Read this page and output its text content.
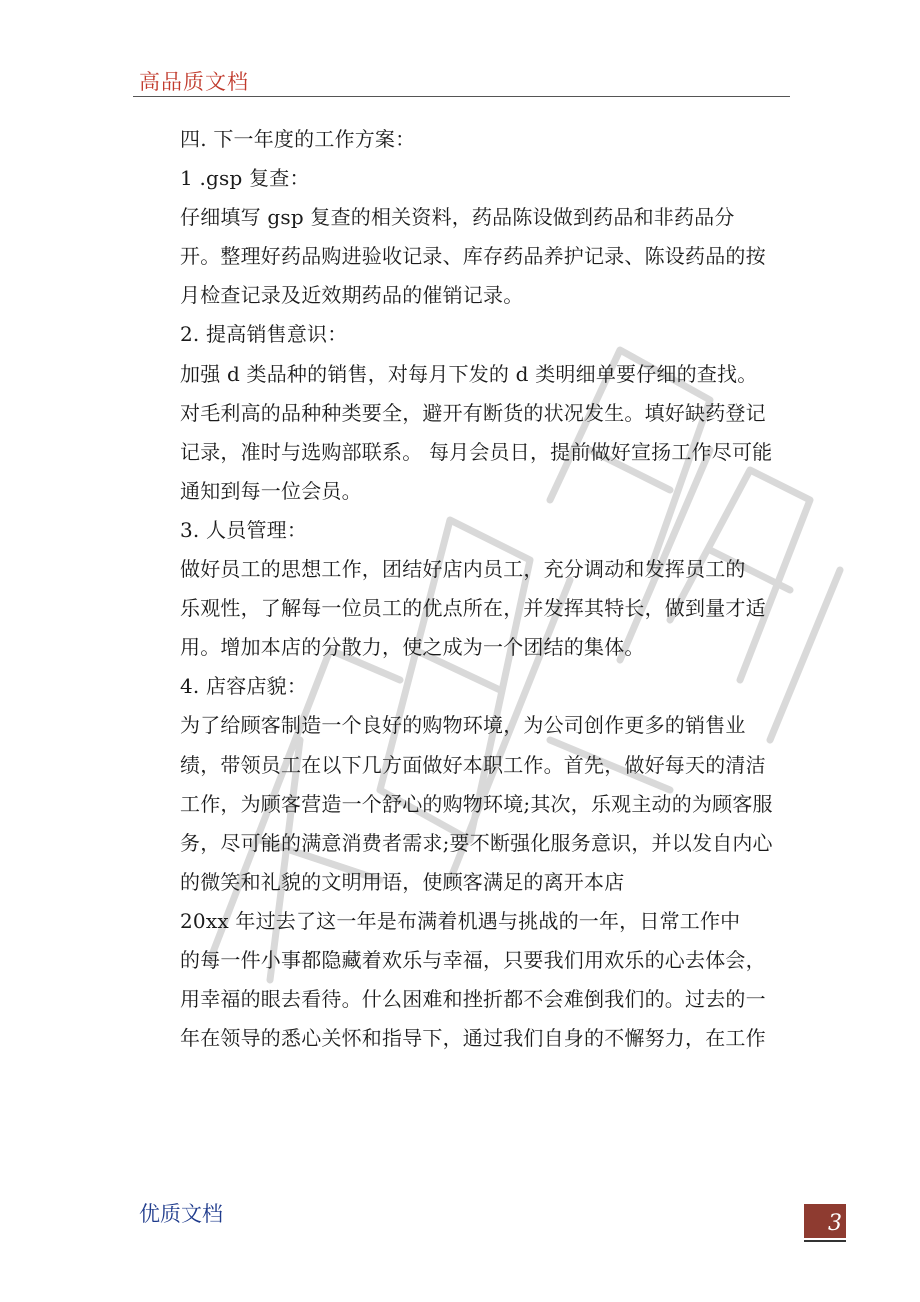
高品质文档

四. 下一年度的工作方案：

1 .gsp 复查：

仔细填写 gsp 复查的相关资料，药品陈设做到药品和非药品分
开。整理好药品购进验收记录、库存药品养护记录、陈设药品的按
月检查记录及近效期药品的催销记录。

2. 提高销售意识：

加强 d 类品种的销售，对每月下发的 d 类明细单要仔细的查找。
对毛利高的品种种类要全，避开有断货的状况发生。填好缺药登记
记录，准时与选购部联系。 每月会员日，提前做好宣扬工作尽可能
通知到每一位会员。

3. 人员管理：

做好员工的思想工作，团结好店内员工，充分调动和发挥员工的
乐观性，了解每一位员工的优点所在，并发挥其特长，做到量才适
用。增加本店的分散力，使之成为一个团结的集体。

4. 店容店貌：

为了给顾客制造一个良好的购物环境，为公司创作更多的销售业
绩，带领员工在以下几方面做好本职工作。首先，做好每天的清洁
工作，为顾客营造一个舒心的购物环境;其次，乐观主动的为顾客服
务，尽可能的满意消费者需求;要不断强化服务意识，并以发自内心
的微笑和礼貌的文明用语，使顾客满足的离开本店

20xx 年过去了这一年是布满着机遇与挑战的一年，日常工作中
的每一件小事都隐藏着欢乐与幸福，只要我们用欢乐的心去体会，
用幸福的眼去看待。什么困难和挫折都不会难倒我们的。过去的一
年在领导的悉心关怀和指导下，通过我们自身的不懈努力，在工作

优质文档	3
